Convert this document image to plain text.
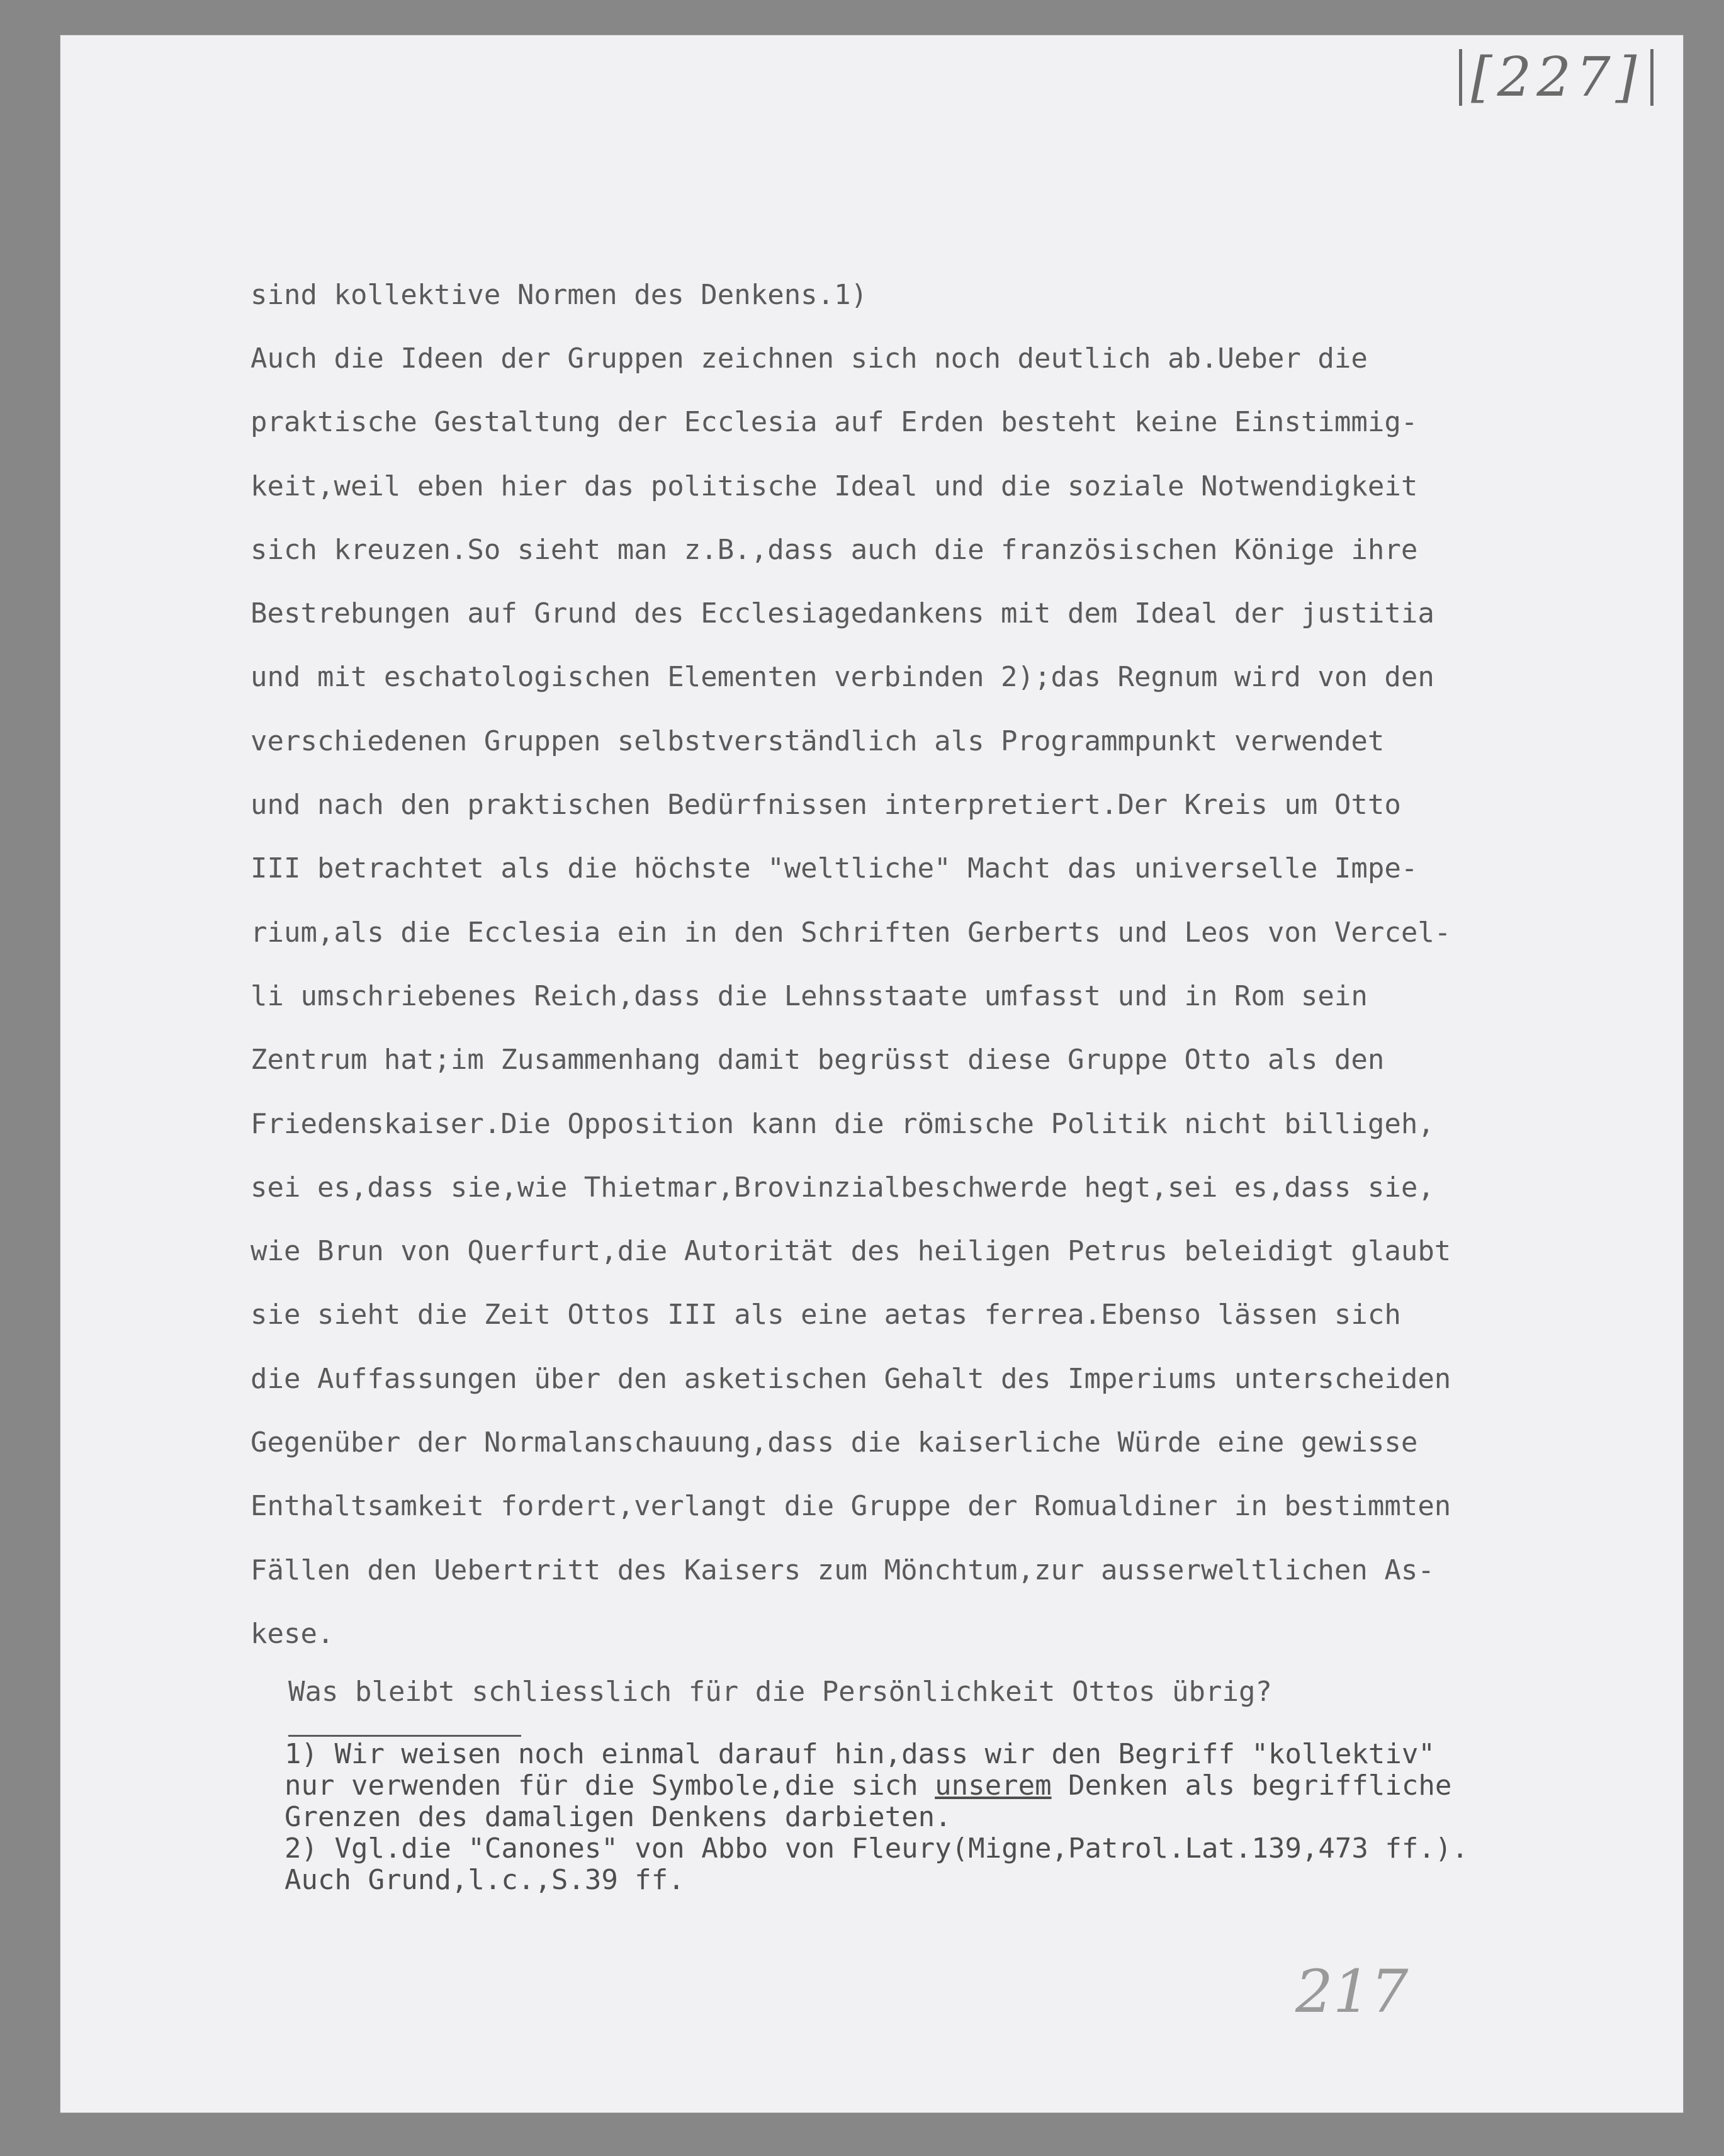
[227]
sind kollektive Normen des Denkens.1)
Auch die Ideen der Gruppen zeichnen sich noch deutlich ab.Ueber die
praktische Gestaltung der Ecclesia auf Erden besteht keine Einstimmig-
keit,weil eben hier das politische Ideal und die soziale Notwendigkeit
sich kreuzen.So sieht man z.B.,dass auch die französischen Könige ihre
Bestrebungen auf Grund des Ecclesiagedankens mit dem Ideal der justitia
und mit eschatologischen Elementen verbinden 2);das Regnum wird von den
verschiedenen Gruppen selbstverständlich als Programmpunkt verwendet
und nach den praktischen Bedürfnissen interpretiert.Der Kreis um Otto
III betrachtet als die höchste "weltliche" Macht das universelle Impe-
rium,als die Ecclesia ein in den Schriften Gerberts und Leos von Vercel-
li umschriebenes Reich,dass die Lehnsstaate umfasst und in Rom sein
Zentrum hat;im Zusammenhang damit begrüsst diese Gruppe Otto als den
Friedenskaiser.Die Opposition kann die römische Politik nicht billigeh,
sei es,dass sie,wie Thietmar,Brovinzialbeschwerde hegt,sei es,dass sie,
wie Brun von Querfurt,die Autorität des heiligen Petrus beleidigt glaubt
sie sieht die Zeit Ottos III als eine aetas ferrea.Ebenso lässen sich
die Auffassungen über den asketischen Gehalt des Imperiums unterscheiden
Gegenüber der Normalanschauung,dass die kaiserliche Würde eine gewisse
Enthaltsamkeit fordert,verlangt die Gruppe der Romualdiner in bestimmten
Fällen den Uebertritt des Kaisers zum Mönchtum,zur ausserweltlichen As-
kese.
Was bleibt schliesslich für die Persönlichkeit Ottos übrig?
1) Wir weisen noch einmal darauf hin,dass wir den Begriff "kollektiv"
nur verwenden für die Symbole,die sich unserem Denken als begriffliche
Grenzen des damaligen Denkens darbieten.
2) Vgl.die "Canones" von Abbo von Fleury(Migne,Patrol.Lat.139,473 ff.).
Auch Grund,l.c.,S.39 ff.
217
